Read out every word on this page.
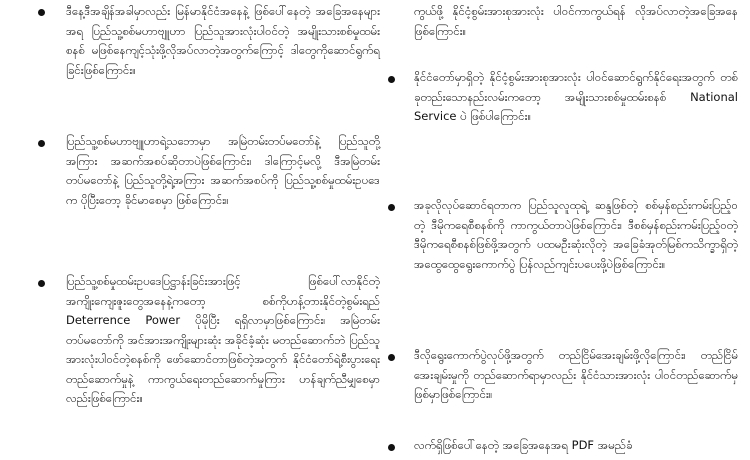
ဒီနေ့ဒီအချိန်အခါမှာလည်း မြန်မာနိုင်ငံအနေနဲ့ ဖြစ်ပေါ်နေတဲ့ အခြေအနေများအရ ပြည်သူ့စစ်မဟာဗျူဟာ ပြည်သူအားလုံးပါဝင်တဲ့ အမျိုးသားစစ်မှုထမ်းစနစ် မဖြစ်နေကျင့်သုံးဖို့လိုအပ်လာတဲ့အတွက်ကြောင့် ဒါတွေကိုဆောင်ရွက်ရခြင်းဖြစ်ကြောင်း။
ပြည်သူ့စစ်မဟာဗျူဟာရဲ့သဘောမှာ အမြဲတမ်းတပ်မတော်နဲ့ ပြည်သူတို့အကြား အဆက်အစပ်ဆိုတာပဲဖြစ်ကြောင်း၊ ဒါကြောင့်မလို့ ဒီအမြဲတမ်းတပ်မတော်နဲ့ ပြည်သူတို့ရဲ့အကြား အဆက်အစပ်ကို ပြည်သူ့စစ်မှုထမ်းဥပဒေက ပိုပြီးတော့ ခိုင်မာစေမှာ ဖြစ်ကြောင်း။
ပြည်သူ့စစ်မှုထမ်းဥပဒေပြဋ္ဌာန်းခြင်းအားဖြင့် ဖြစ်ပေါ်လာနိုင်တဲ့ အကျိုးကျေးဇူးတွေအနေနဲ့ကတော့ စစ်ကိုဟန့်တားနိုင်တဲ့စွမ်းရည် Deterrence Power ပိုမိုပြီး ရရှိလာမှာဖြစ်ကြောင်း၊ အမြဲတမ်းတပ်မတော်ကို အင်အားအကျိုးများဆုံး အခိုင်ခံ့ဆုံး မတည်ဆောက်ဘဲ ပြည်သူအားလုံးပါဝင်တဲ့စနစ်ကို ဖော်ဆောင်တာဖြစ်တဲ့အတွက် နိုင်ငံတော်ရဲ့စီးပွားရေးတည်ဆောက်မှုနဲ့ ကာကွယ်ရေးတည်ဆောက်မှုကြား ဟန်ချက်ညီမျှစေမှာလည်းဖြစ်ကြောင်း။
ကွယ်ဖို့ နိုင်ငံ့စွမ်းအားစုအားလုံး ပါဝင်ကာကွယ်ရန် လိုအပ်လာတဲ့အခြေအနေဖြစ်ကြောင်း။
နိုင်ငံတော်မှာရှိတဲ့ နိုင်ငံ့စွမ်းအားစုအားလုံး ပါဝင်ဆောင်ရွက်နိုင်ရေးအတွက် တစ်ခုတည်းသောနည်းလမ်းကတော့ အမျိုးသားစစ်မှုထမ်းစနစ် National Service ပဲ ဖြစ်ပါကြောင်း။
အခုလိုလုပ်ဆောင်ရတာက ပြည်သူလူထုရဲ့ ဆန္ဒဖြစ်တဲ့ စစ်မှန်စည်းကမ်းပြည့်ဝတဲ့ ဒီမိုကရေစီစနစ်ကို ကာကွယ်တာပဲဖြစ်ကြောင်း၊ ဒီစစ်မှန်စည်းကမ်းပြည့်ဝတဲ့ ဒီမိုကရေစီစနစ်ဖြစ်ဖို့အတွက် ပထမဦးဆုံးလိုတဲ့ အခြေခံအုတ်မြစ်ကသိက္ခာရှိတဲ့ အထွေထွေရွေးကောက်ပွဲ ပြန်လည်ကျင်းပပေးဖို့ပဲဖြစ်ကြောင်း။
ဒီလိုရွေးကောက်ပွဲလုပ်ဖို့အတွက် တည်ငြိမ်အေးချမ်းဖို့လိုကြောင်း၊ တည်ငြိမ်အေးချမ်းမှုကို တည်ဆောက်ရာမှာလည်း နိုင်ငံသားအားလုံး ပါဝင်တည်ဆောက်မှ ဖြစ်မှာဖြစ်ကြောင်း။
လက်ရှိဖြစ်ပေါ်နေတဲ့ အခြေအနေအရ PDF အမည်ခံ
